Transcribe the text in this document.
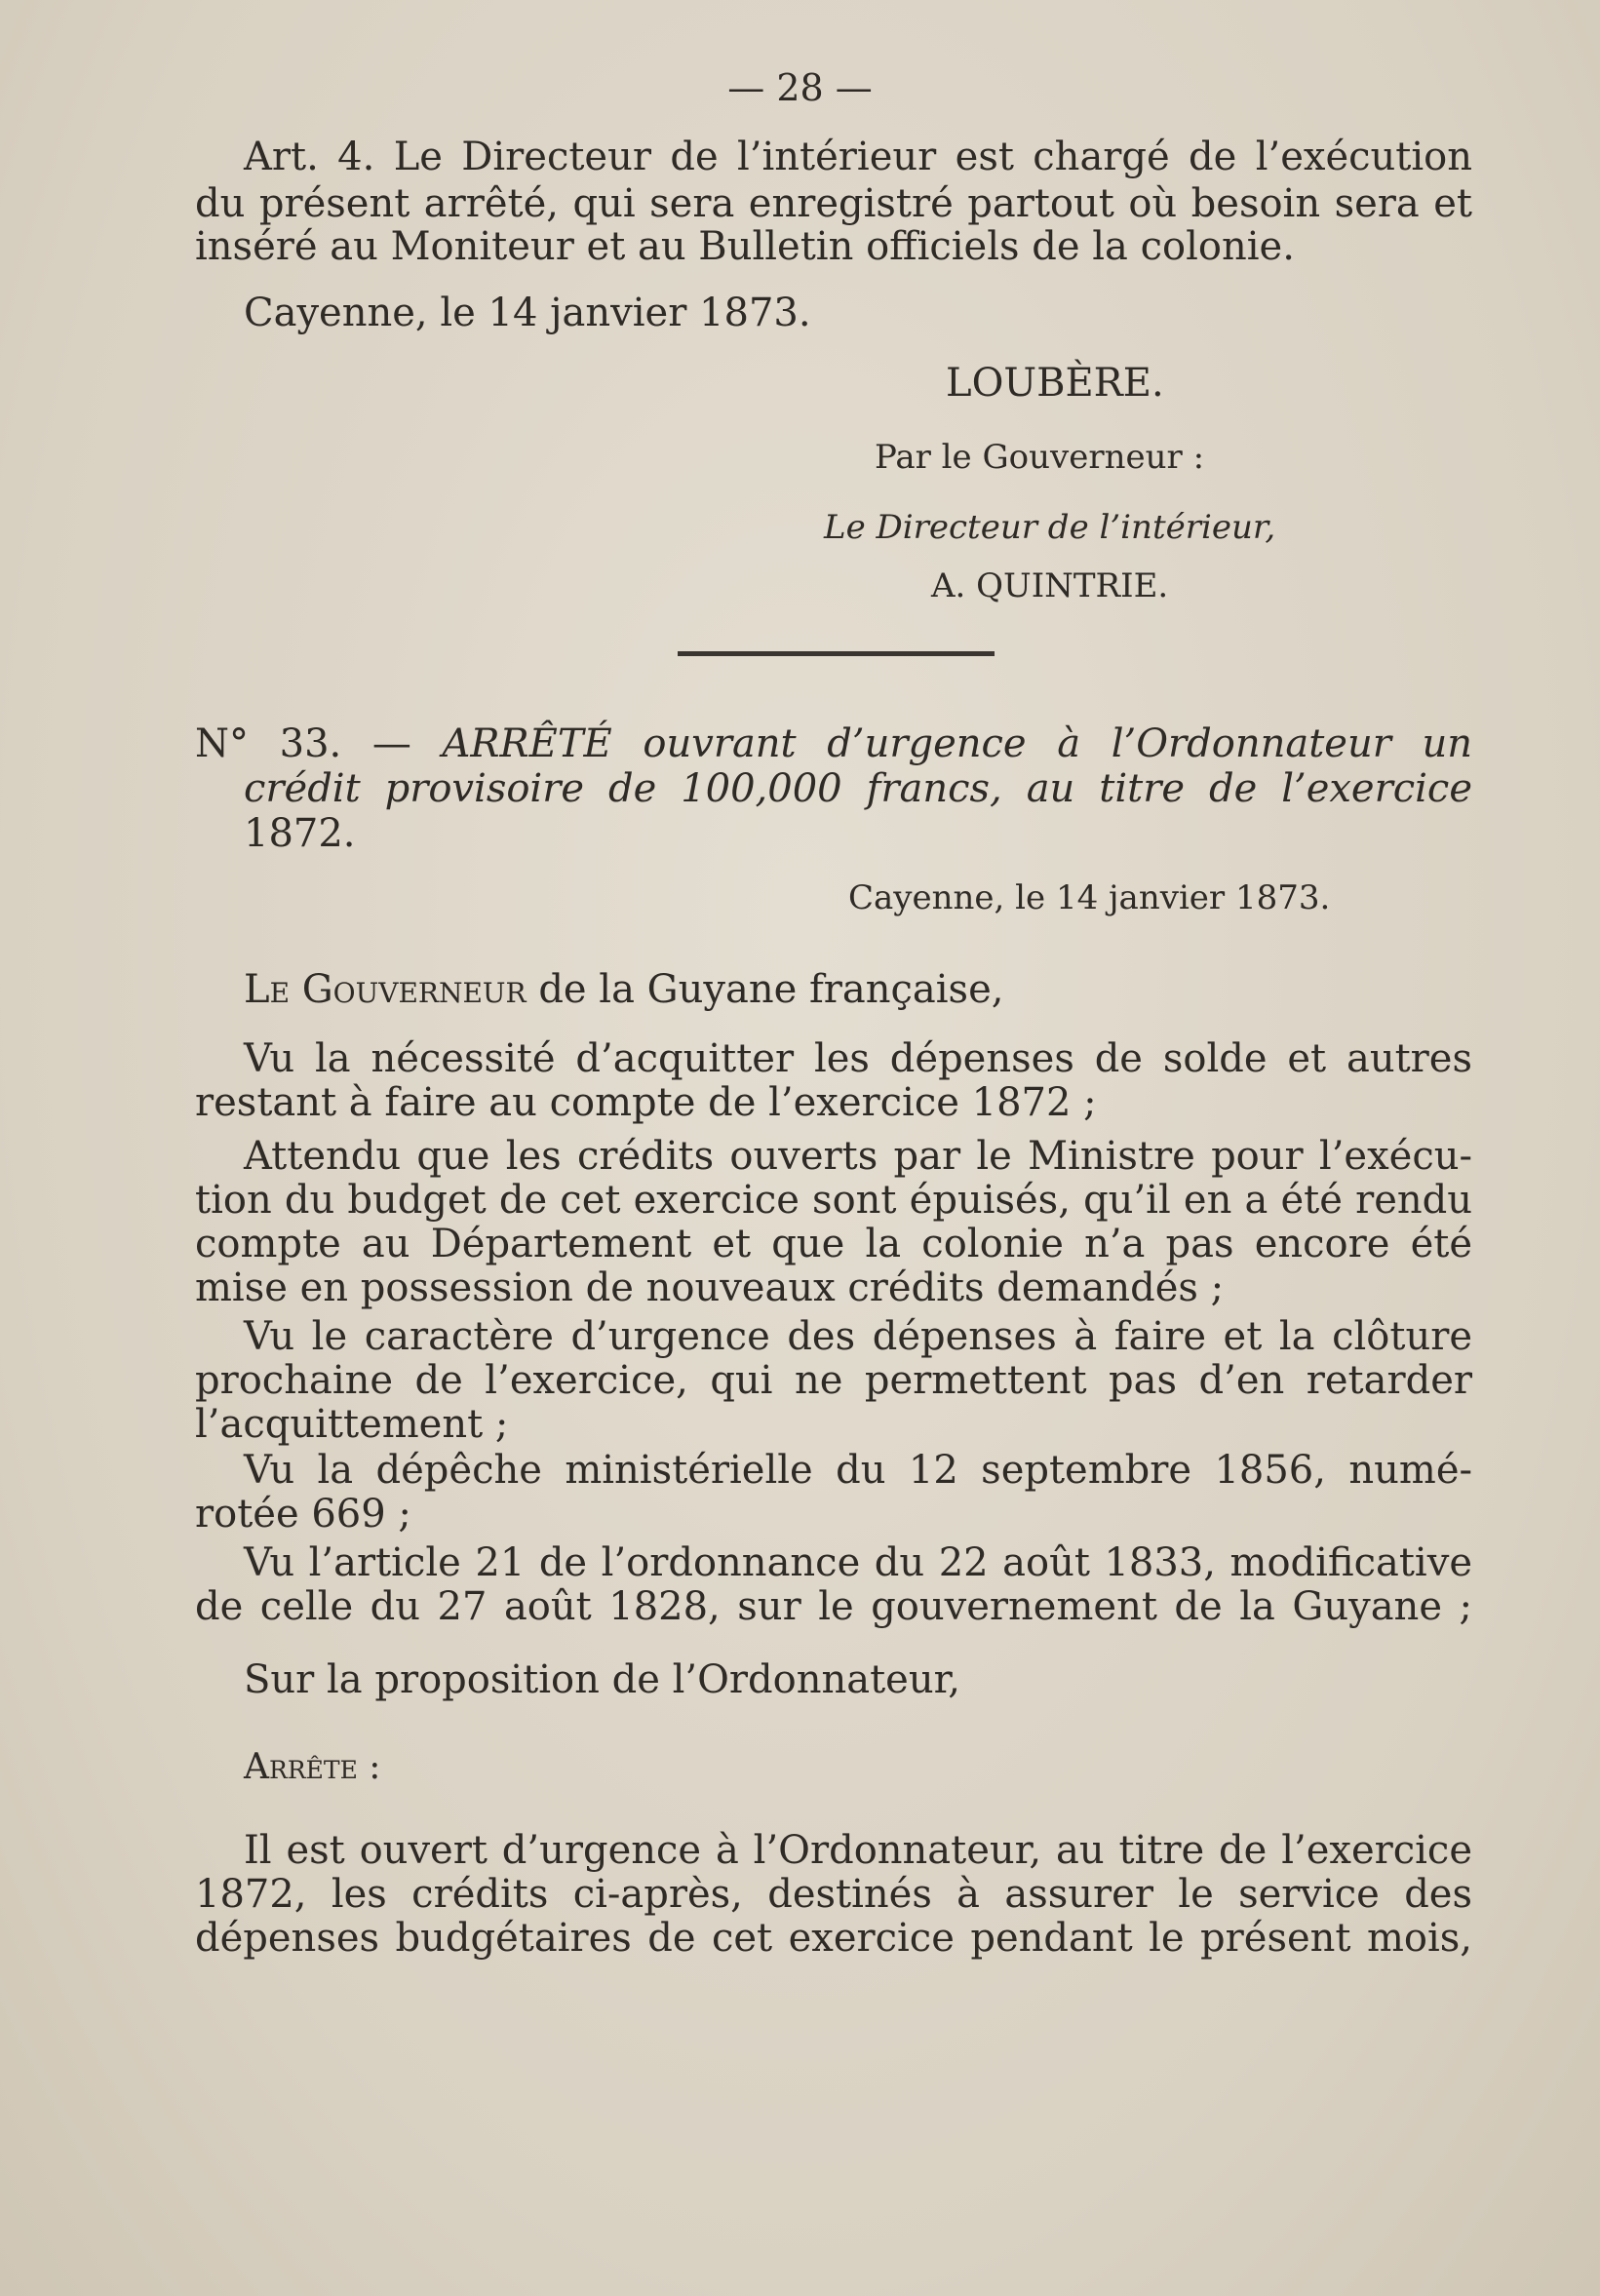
— 28 —

Art. 4. Le Directeur de l’intérieur est chargé de l’exécution

du présent arrêté, qui sera enregistré partout où besoin sera et

inséré au Moniteur et au Bulletin officiels de la colonie.

Cayenne, le 14 janvier 1873.

LOUBÈRE.

Par le Gouverneur :

Le Directeur de l’intérieur,

A. QUINTRIE.

N° 33. — ARRÊTÉ ouvrant d’urgence à l’Ordonnateur un

crédit provisoire de 100,000 francs, au titre de l’exercice

1872.

Cayenne, le 14 janvier 1873.

Le Gouverneur de la Guyane française,

Vu la nécessité d’acquitter les dépenses de solde et autres

restant à faire au compte de l’exercice 1872 ;

Attendu que les crédits ouverts par le Ministre pour l’exécu-

tion du budget de cet exercice sont épuisés, qu’il en a été rendu

compte au Département et que la colonie n’a pas encore été

mise en possession de nouveaux crédits demandés ;

Vu le caractère d’urgence des dépenses à faire et la clôture

prochaine de l’exercice, qui ne permettent pas d’en retarder

l’acquittement ;

Vu la dépêche ministérielle du 12 septembre 1856, numé-

rotée 669 ;

Vu l’article 21 de l’ordonnance du 22 août 1833, modificative

de celle du 27 août 1828, sur le gouvernement de la Guyane ;

Sur la proposition de l’Ordonnateur,

Arrête :

Il est ouvert d’urgence à l’Ordonnateur, au titre de l’exercice

1872, les crédits ci-après, destinés à assurer le service des

dépenses budgétaires de cet exercice pendant le présent mois,
